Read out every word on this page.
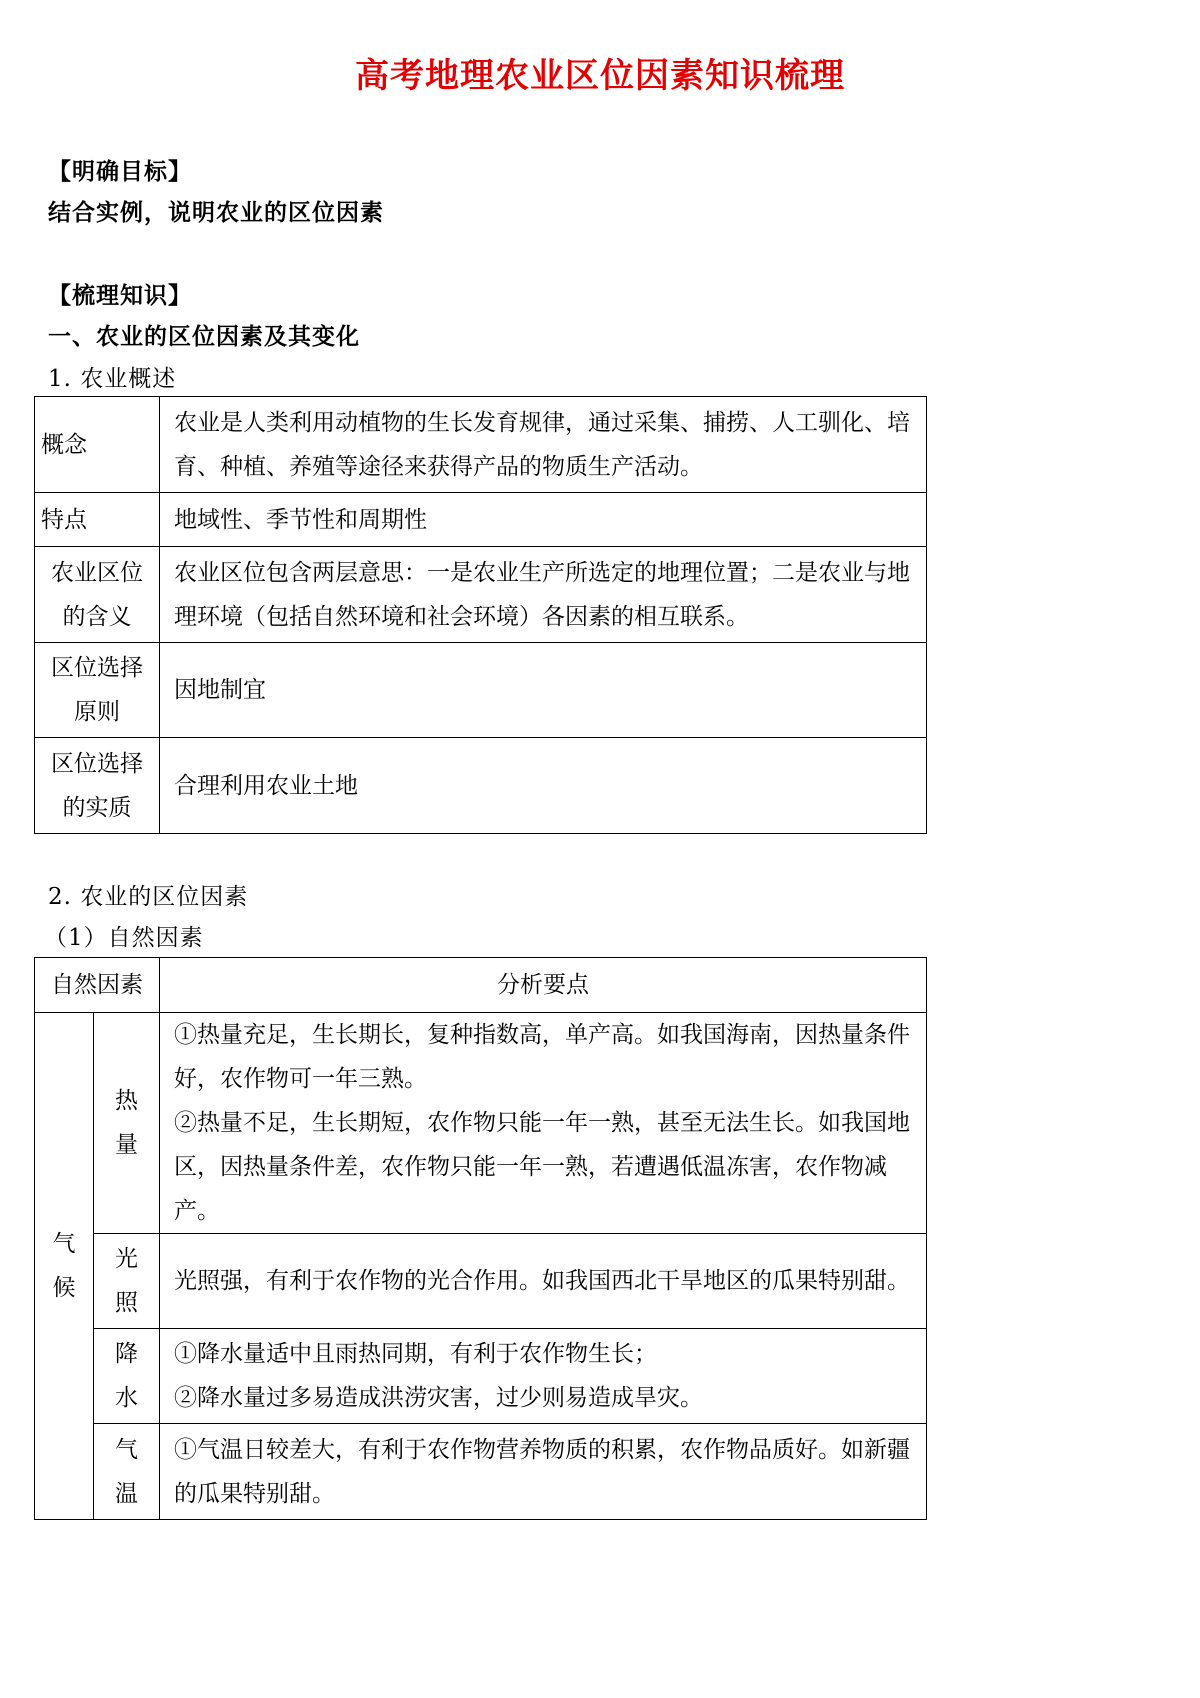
高考地理农业区位因素知识梳理
【明确目标】
结合实例，说明农业的区位因素
【梳理知识】
一、农业的区位因素及其变化
1. 农业概述
概念	农业是人类利用动植物的生长发育规律，通过采集、捕捞、人工驯化、培育、种植、养殖等途径来获得产品的物质生产活动。
特点	地域性、季节性和周期性
农业区位的含义	农业区位包含两层意思：一是农业生产所选定的地理位置；二是农业与地理环境（包括自然环境和社会环境）各因素的相互联系。
区位选择原则	因地制宜
区位选择的实质	合理利用农业土地
2. 农业的区位因素
（1）自然因素
自然因素		分析要点

气候	热量	①热量充足，生长期长，复种指数高，单产高。如我国海南，因热量条件好，农作物可一年三熟。
②热量不足，生长期短，农作物只能一年一熟，甚至无法生长。如我国地区，因热量条件差，农作物只能一年一熟，若遭遇低温冻害，农作物减产。

	光照	光照强，有利于农作物的光合作用。如我国西北干旱地区的瓜果特别甜。

	降水	①降水量适中且雨热同期，有利于农作物生长；
②降水量过多易造成洪涝灾害，过少则易造成旱灾。

	气温	①气温日较差大，有利于农作物营养物质的积累，农作物品质好。如新疆的瓜果特别甜。
